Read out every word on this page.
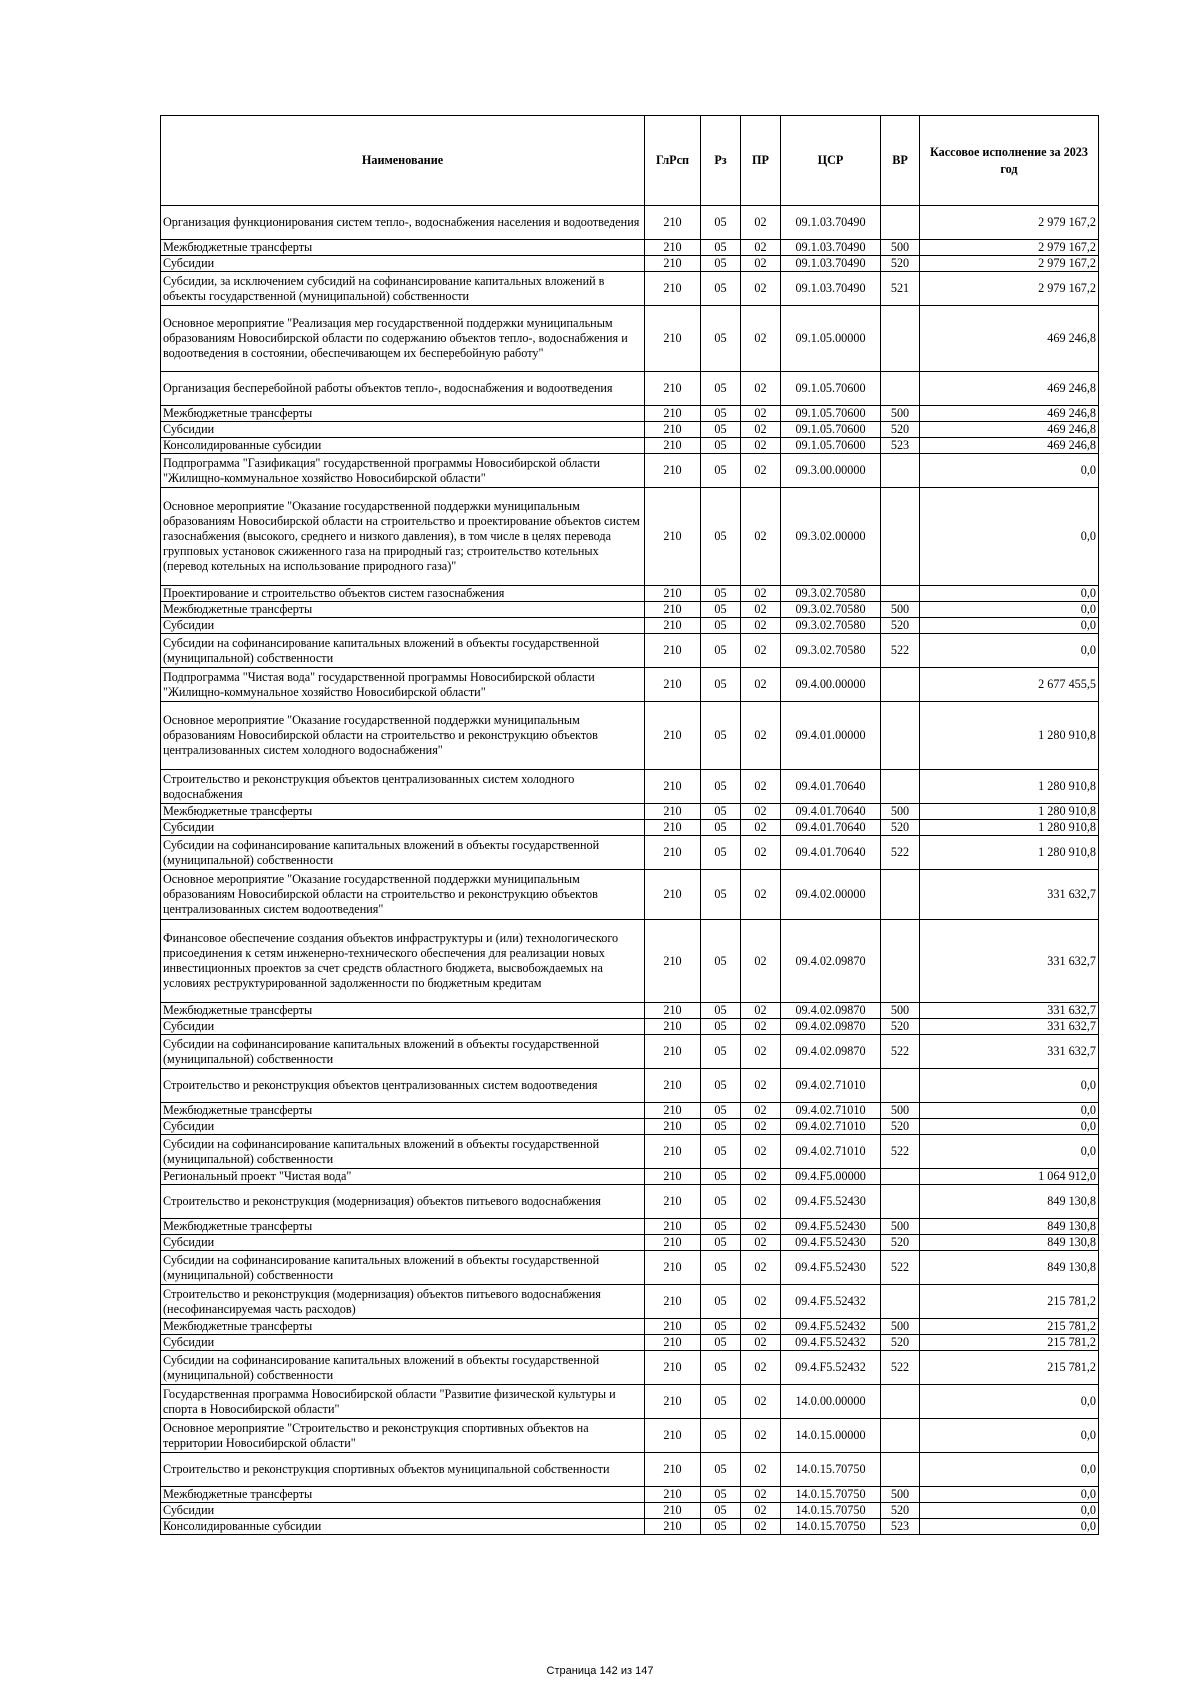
Наименование	ГлРсп	Рз	ПР	ЦСР	ВР	Кассовое исполнение за 2023 год
Организация функционирования систем тепло-, водоснабжения населения и водоотведения	210	05	02	09.1.03.70490		2 979 167,2
Межбюджетные трансферты	210	05	02	09.1.03.70490	500	2 979 167,2
Субсидии	210	05	02	09.1.03.70490	520	2 979 167,2
Субсидии, за исключением субсидий на софинансирование капитальных вложений в объекты государственной (муниципальной) собственности	210	05	02	09.1.03.70490	521	2 979 167,2
Основное мероприятие "Реализация мер государственной поддержки муниципальным образованиям Новосибирской области по содержанию объектов тепло-, водоснабжения и водоотведения в состоянии, обеспечивающем их бесперебойную работу"	210	05	02	09.1.05.00000		469 246,8
Организация бесперебойной работы объектов тепло-, водоснабжения и водоотведения	210	05	02	09.1.05.70600		469 246,8
Межбюджетные трансферты	210	05	02	09.1.05.70600	500	469 246,8
Субсидии	210	05	02	09.1.05.70600	520	469 246,8
Консолидированные субсидии	210	05	02	09.1.05.70600	523	469 246,8
Подпрограмма "Газификация" государственной программы Новосибирской области "Жилищно-коммунальное хозяйство Новосибирской области"	210	05	02	09.3.00.00000		0,0
Основное мероприятие "Оказание государственной поддержки муниципальным образованиям Новосибирской области на строительство и проектирование объектов систем газоснабжения (высокого, среднего и низкого давления), в том числе в целях перевода групповых установок сжиженного газа на природный газ; строительство котельных (перевод котельных на использование природного газа)"	210	05	02	09.3.02.00000		0,0
Проектирование и строительство объектов систем газоснабжения	210	05	02	09.3.02.70580		0,0
Межбюджетные трансферты	210	05	02	09.3.02.70580	500	0,0
Субсидии	210	05	02	09.3.02.70580	520	0,0
Субсидии на софинансирование капитальных вложений в объекты государственной (муниципальной) собственности	210	05	02	09.3.02.70580	522	0,0
Подпрограмма "Чистая вода" государственной программы Новосибирской области "Жилищно-коммунальное хозяйство Новосибирской области"	210	05	02	09.4.00.00000		2 677 455,5
Основное мероприятие "Оказание государственной поддержки муниципальным образованиям Новосибирской области на строительство и реконструкцию объектов централизованных систем холодного водоснабжения"	210	05	02	09.4.01.00000		1 280 910,8
Строительство и реконструкция объектов централизованных систем холодного водоснабжения	210	05	02	09.4.01.70640		1 280 910,8
Межбюджетные трансферты	210	05	02	09.4.01.70640	500	1 280 910,8
Субсидии	210	05	02	09.4.01.70640	520	1 280 910,8
Субсидии на софинансирование капитальных вложений в объекты государственной (муниципальной) собственности	210	05	02	09.4.01.70640	522	1 280 910,8
Основное мероприятие "Оказание государственной поддержки муниципальным образованиям Новосибирской области на строительство и реконструкцию объектов централизованных систем водоотведения"	210	05	02	09.4.02.00000		331 632,7
Финансовое обеспечение создания объектов инфраструктуры и (или) технологического присоединения к сетям инженерно-технического обеспечения для реализации новых инвестиционных проектов за счет средств областного бюджета, высвобождаемых на условиях реструктурированной задолженности по бюджетным кредитам	210	05	02	09.4.02.09870		331 632,7
Межбюджетные трансферты	210	05	02	09.4.02.09870	500	331 632,7
Субсидии	210	05	02	09.4.02.09870	520	331 632,7
Субсидии на софинансирование капитальных вложений в объекты государственной (муниципальной) собственности	210	05	02	09.4.02.09870	522	331 632,7
Строительство и реконструкция объектов централизованных систем водоотведения	210	05	02	09.4.02.71010		0,0
Межбюджетные трансферты	210	05	02	09.4.02.71010	500	0,0
Субсидии	210	05	02	09.4.02.71010	520	0,0
Субсидии на софинансирование капитальных вложений в объекты государственной (муниципальной) собственности	210	05	02	09.4.02.71010	522	0,0
Региональный проект "Чистая вода"	210	05	02	09.4.F5.00000		1 064 912,0
Строительство и реконструкция (модернизация) объектов питьевого водоснабжения	210	05	02	09.4.F5.52430		849 130,8
Межбюджетные трансферты	210	05	02	09.4.F5.52430	500	849 130,8
Субсидии	210	05	02	09.4.F5.52430	520	849 130,8
Субсидии на софинансирование капитальных вложений в объекты государственной (муниципальной) собственности	210	05	02	09.4.F5.52430	522	849 130,8
Строительство и реконструкция (модернизация) объектов питьевого водоснабжения (несофинансируемая часть расходов)	210	05	02	09.4.F5.52432		215 781,2
Межбюджетные трансферты	210	05	02	09.4.F5.52432	500	215 781,2
Субсидии	210	05	02	09.4.F5.52432	520	215 781,2
Субсидии на софинансирование капитальных вложений в объекты государственной (муниципальной) собственности	210	05	02	09.4.F5.52432	522	215 781,2
Государственная программа Новосибирской области "Развитие физической культуры и спорта в Новосибирской области"	210	05	02	14.0.00.00000		0,0
Основное мероприятие "Строительство и реконструкция спортивных объектов на территории Новосибирской области"	210	05	02	14.0.15.00000		0,0
Строительство и реконструкция спортивных объектов муниципальной собственности	210	05	02	14.0.15.70750		0,0
Межбюджетные трансферты	210	05	02	14.0.15.70750	500	0,0
Субсидии	210	05	02	14.0.15.70750	520	0,0
Консолидированные субсидии	210	05	02	14.0.15.70750	523	0,0
Страница 142 из 147
